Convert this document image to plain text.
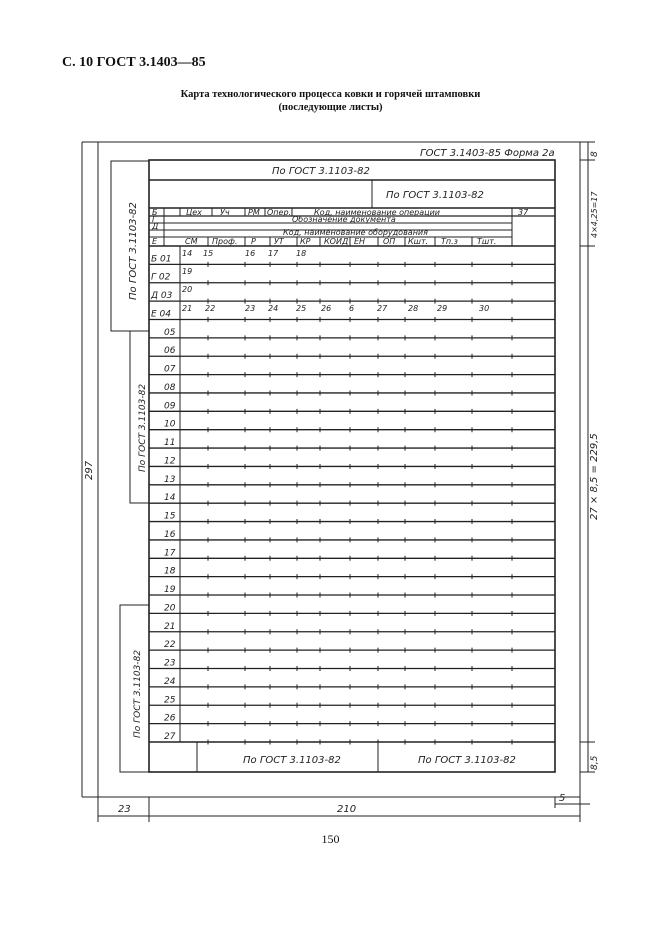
С. 10 ГОСТ 3.1403—85
Карта технологического процесса ковки и горячей штамповки
(последующие листы)
ГОСТ 3.1403-85 Форма 2а
По ГОСТ 3.1103-82
По ГОСТ 3.1103-82
По ГОСТ 3.1103-82	По ГОСТ 3.1103-82
Б
Г
Д
Е
Цех Уч РМ Опер.	Код, наименование операции	37
Обозначение документа
Код, наименование оборудования
СМ Проф. Р УТ КР КОИД ЕН ОП Кшт. Тп.з Тшт.
14 15	16 17 18
19
20
21 22	23 24 25 26 6	27	28 29	30
Б 01
Г 02
Д 03
Е 04
05
06
07
08
09
10
11
12
13
14
15
16
17
18
19
20
21
22
23
24
25
26
27
По ГОСТ 3.1103-82
По ГОСТ 3.1103-82
По ГОСТ 3.1103-82
297
23	210
5
8
4×4,25=17
27 × 8,5 = 229,5
8,5
150
